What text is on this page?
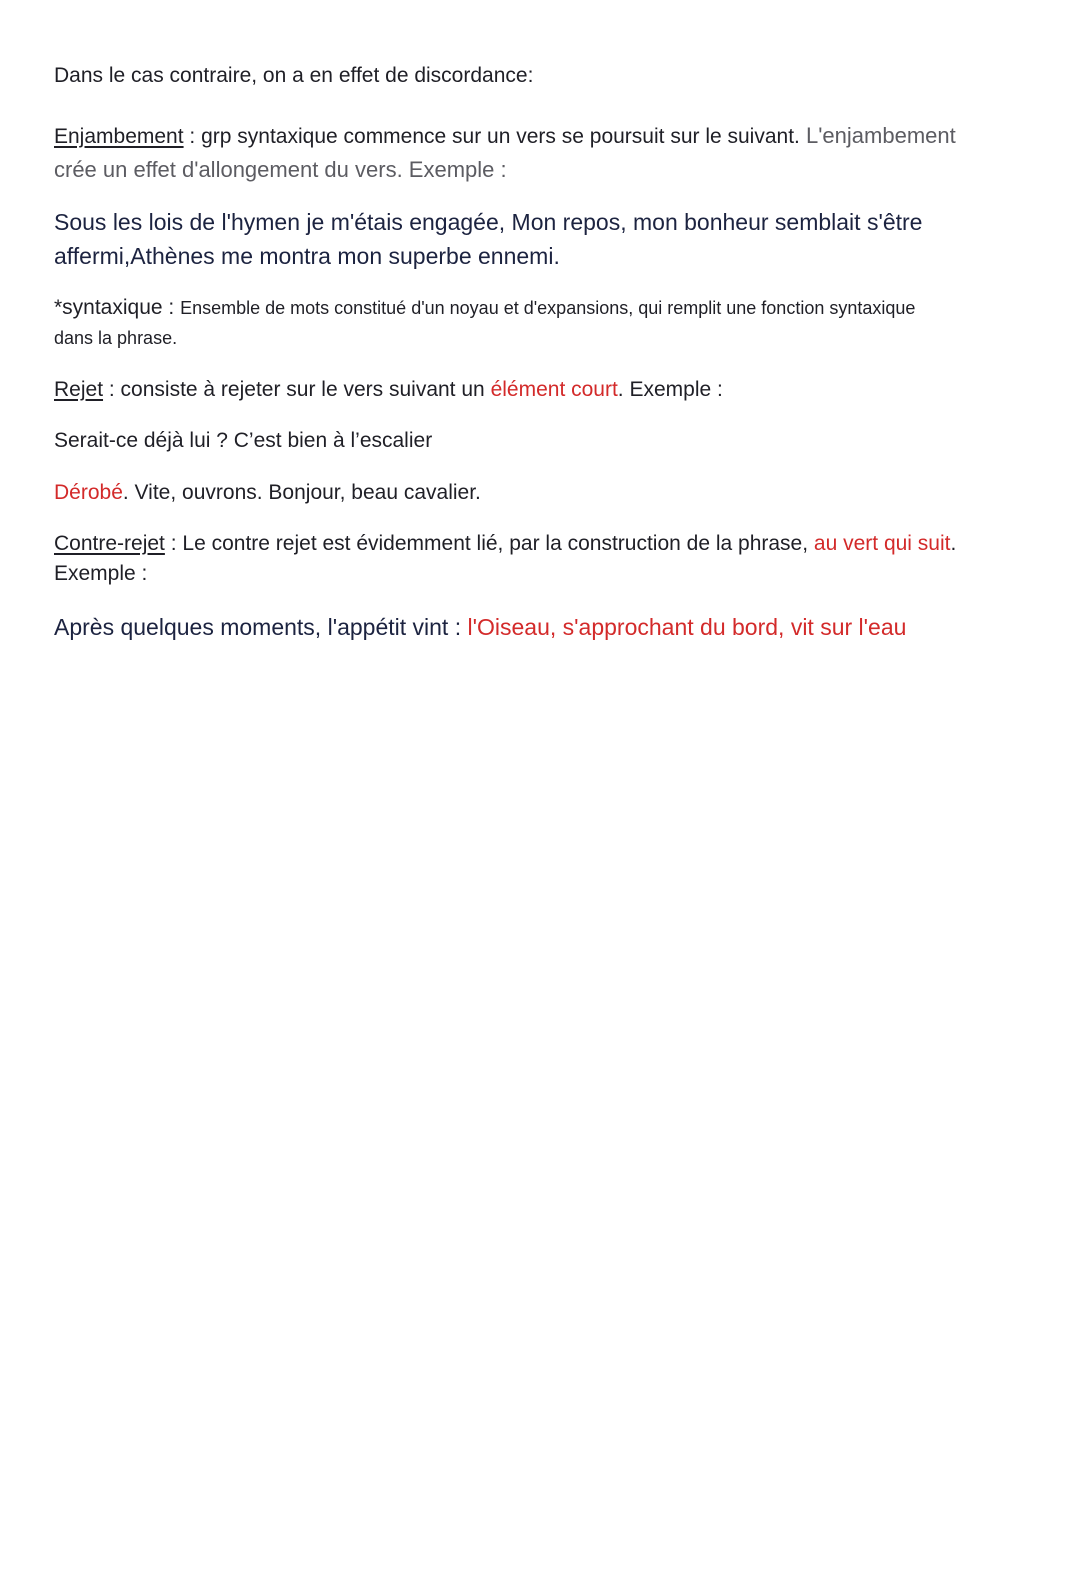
Dans le cas contraire, on a en effet de discordance:
Enjambement : grp syntaxique commence sur un vers se poursuit sur le suivant. L'enjambement
crée un effet d'allongement du vers. Exemple :
Sous les lois de l'hymen je m'étais engagée, Mon repos, mon bonheur semblait s'être
affermi,Athènes me montra mon superbe ennemi.
*syntaxique : Ensemble de mots constitué d'un noyau et d'expansions, qui remplit une fonction syntaxique
dans la phrase.
Rejet : consiste à rejeter sur le vers suivant un élément court. Exemple :
Serait-ce déjà lui ? C’est bien à l’escalier
Dérobé. Vite, ouvrons. Bonjour, beau cavalier.
Contre-rejet : Le contre rejet est évidemment lié, par la construction de la phrase, au vert qui suit.
Exemple :
Après quelques moments, l'appétit vint : l'Oiseau, s'approchant du bord, vit sur l'eau
